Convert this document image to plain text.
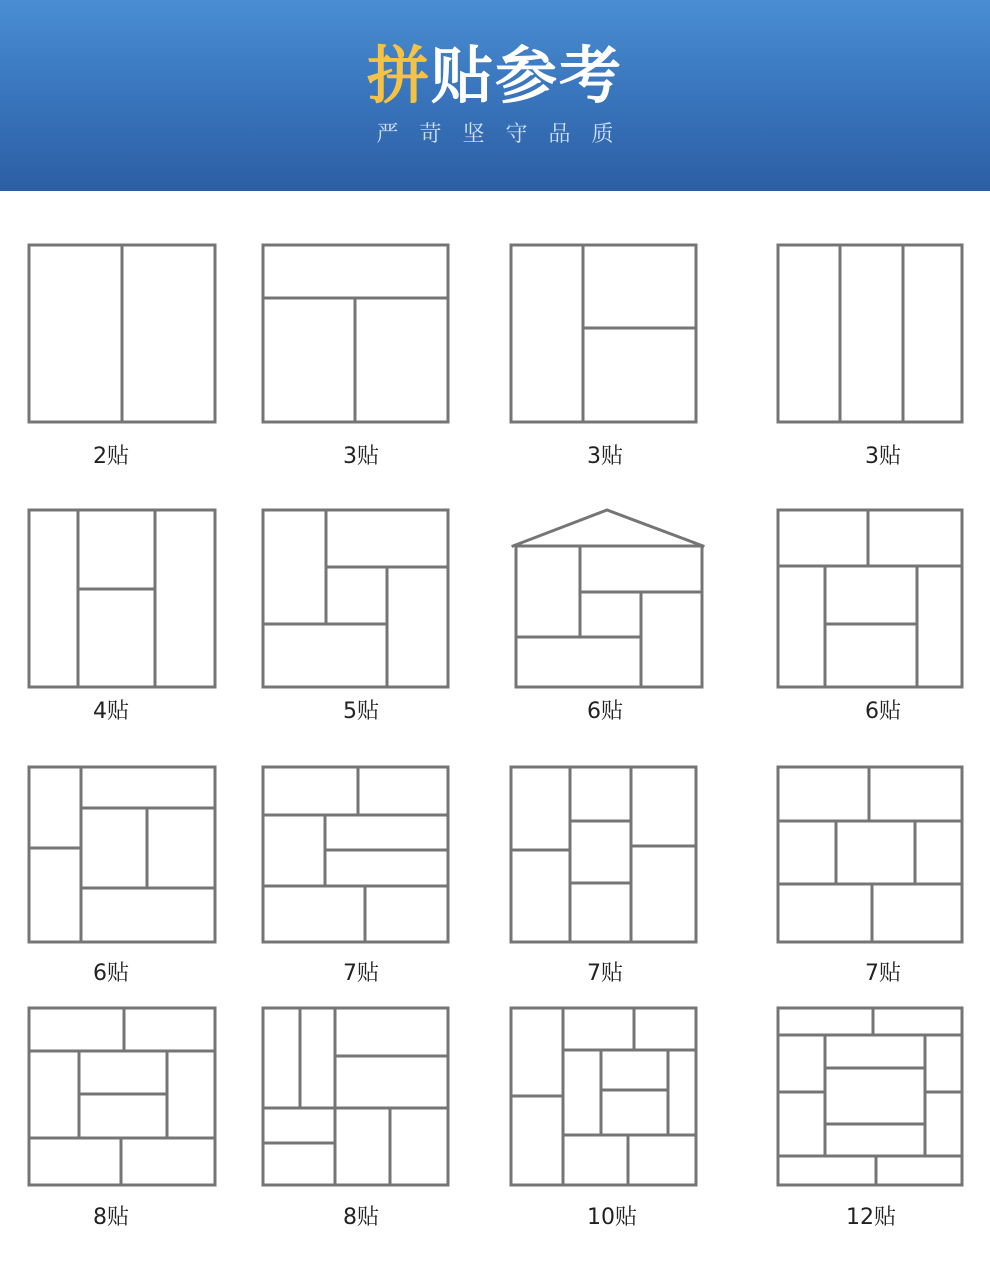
拼贴参考
严苛坚守品质
2贴	3贴	3贴	3贴
4贴	5贴	6贴	6贴
6贴	7贴	7贴	7贴
8贴	8贴	10贴	12贴
